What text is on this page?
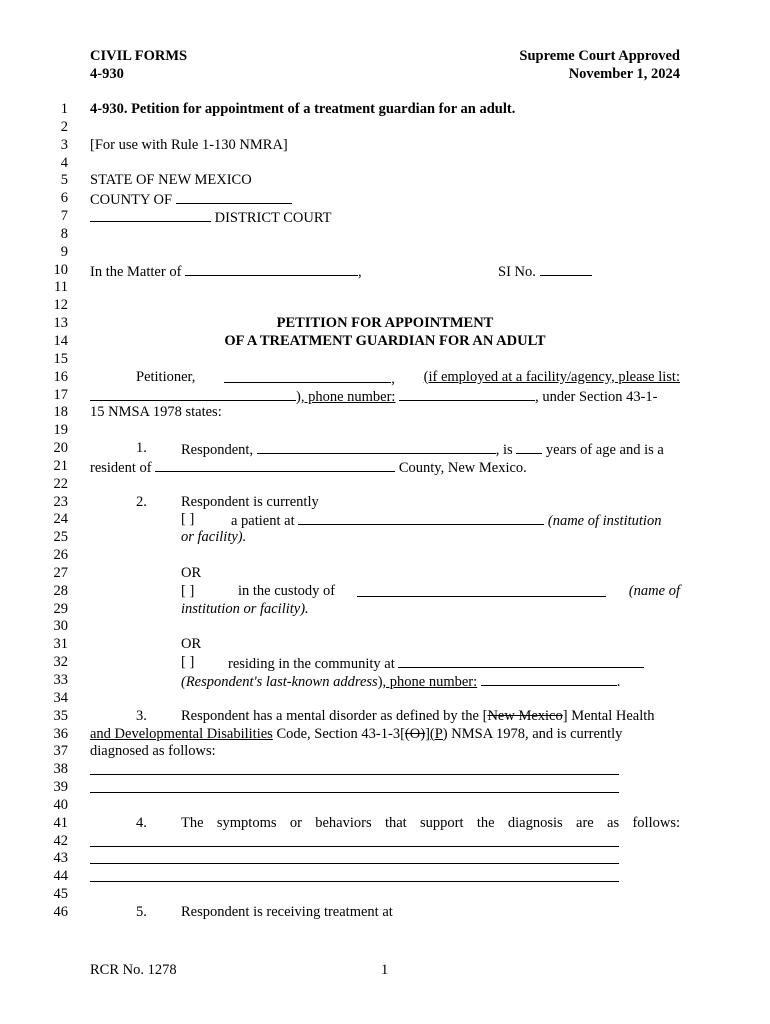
CIVIL FORMS
4-930
Supreme Court Approved
November 1, 2024
1
2
3
4
5
6
7
8
9
10
11
12
13
14
15
16
17
18
19
20
21
22
23
24
25
26
27
28
29
30
31
32
33
34
35
36
37
38
39
40
41
42
43
44
45
46
4-930. Petition for appointment of a treatment guardian for an adult.
[For use with Rule 1-130 NMRA]
STATE OF NEW MEXICO
COUNTY OF
DISTRICT COURT
In the Matter of	,	SI No.
PETITION FOR APPOINTMENT
OF A TREATMENT GUARDIAN FOR AN ADULT
Petitioner,	, (if employed at a facility/agency, please list:
), phone number:	, under Section 43-1-
15 NMSA 1978 states:
1. Respondent,	, is years of age and is a
resident of	County, New Mexico.
2. Respondent is currently
[ ]	a patient at	(name of institution
or facility).
OR
[ ]	in the custody of	(name of
institution or facility).
OR
[ ] residing in the community at
(Respondent's last-known address), phone number:	.
3. Respondent has a mental disorder as defined by the [New Mexico] Mental Health
and Developmental Disabilities Code, Section 43-1-3[(O)](P) NMSA 1978, and is currently
diagnosed as follows:
4. The symptoms or behaviors that support the diagnosis are as follows:
5. Respondent is receiving treatment at
RCR No. 1278	1
